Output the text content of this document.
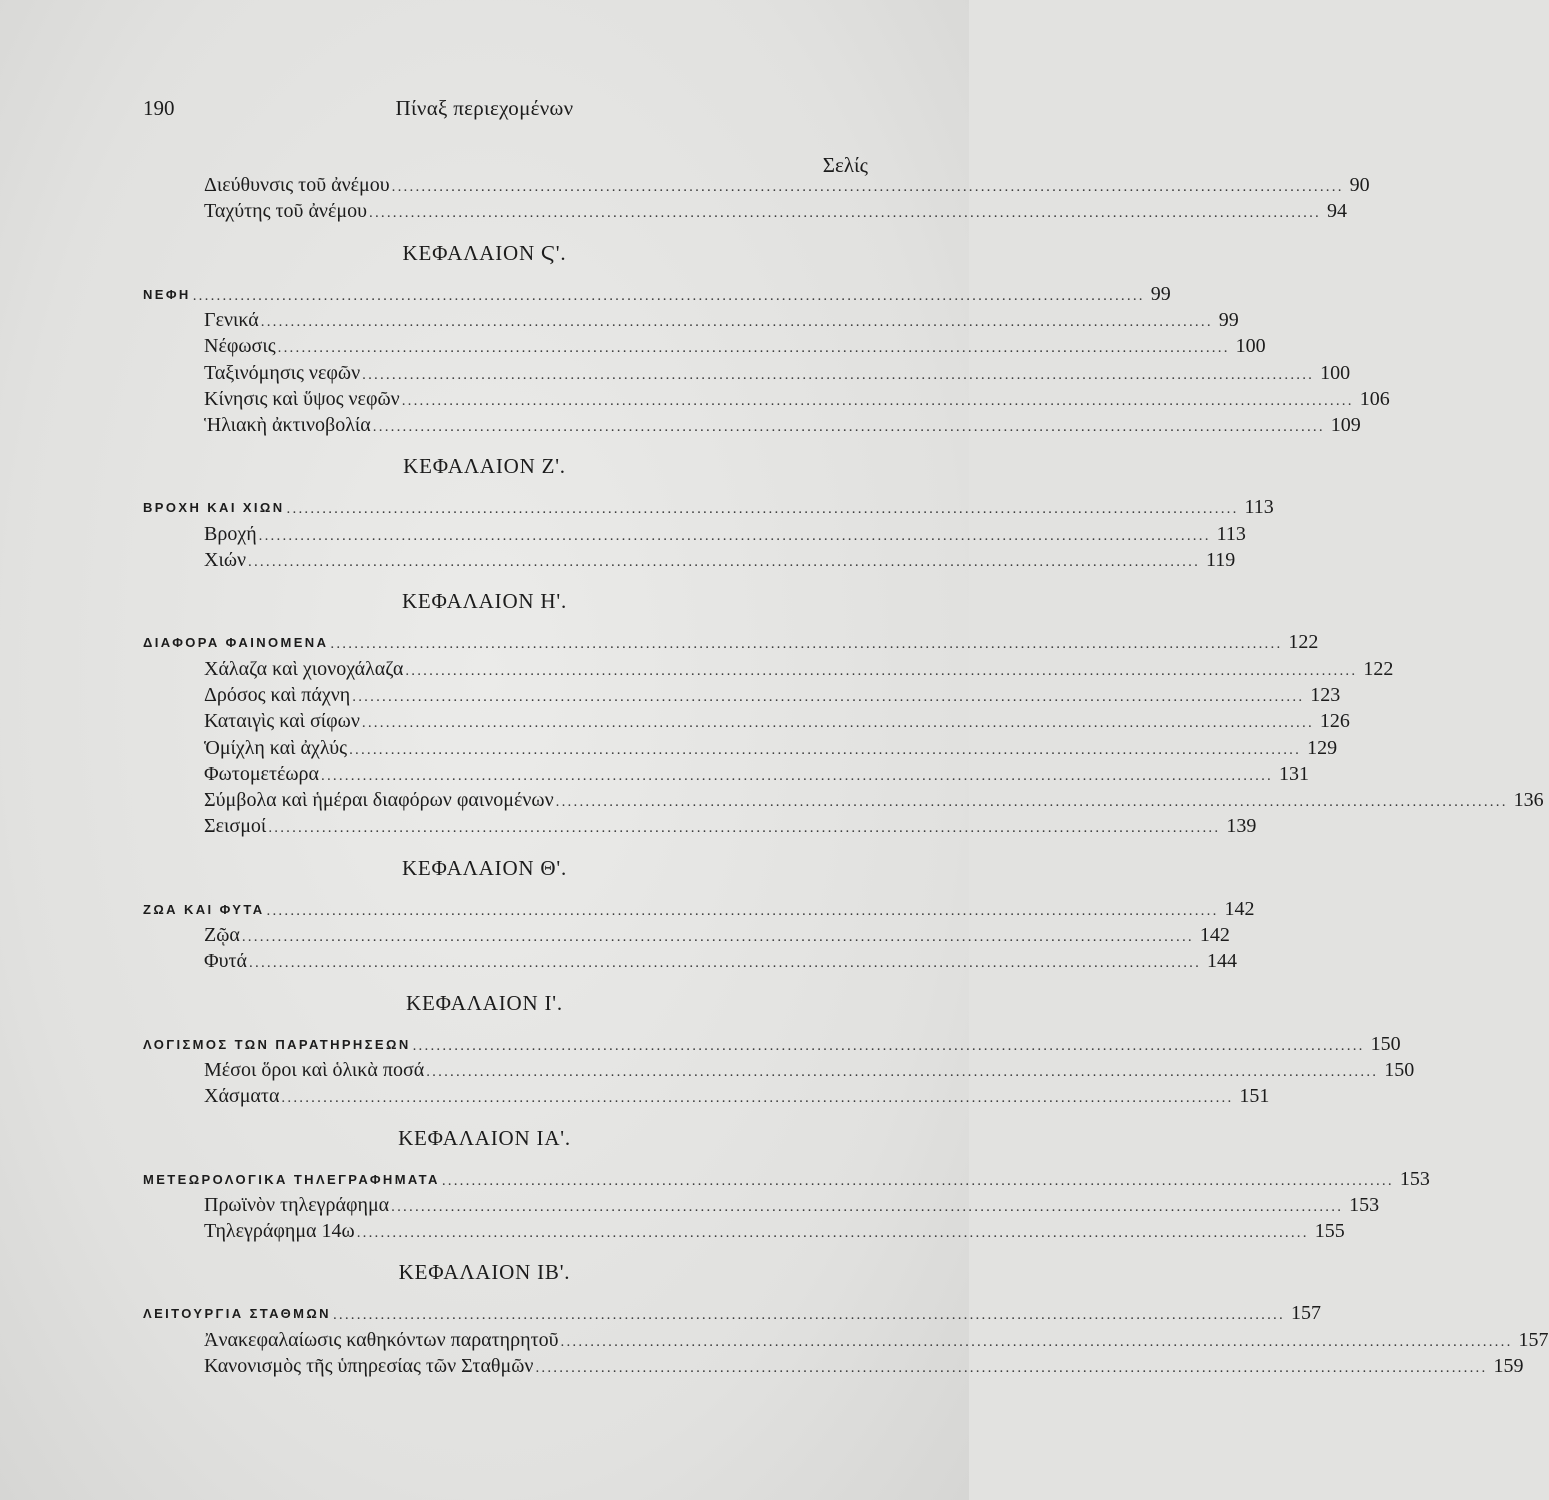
190	Πίναξ περιεχομένων
Σελίς
Διεύθυνσις τοῦ ἀνέμου ................................................................................................................................................................ 90
Ταχύτης τοῦ ἀνέμου ................................................................................................................................................................ 94
ΚΕΦΑΛΑΙΟΝ Ϛ'.
ΝΕΦΗ ................................................................................................................................................................ 99
Γενικά ................................................................................................................................................................ 99
Νέφωσις ................................................................................................................................................................ 100
Ταξινόμησις νεφῶν ................................................................................................................................................................ 100
Κίνησις καὶ ὕψος νεφῶν ................................................................................................................................................................ 106
Ἡλιακὴ ἀκτινοβολία ................................................................................................................................................................ 109
ΚΕΦΑΛΑΙΟΝ Ζ'.
ΒΡΟΧΗ ΚΑΙ ΧΙΩΝ ................................................................................................................................................................ 113
Βροχή ................................................................................................................................................................ 113
Χιών ................................................................................................................................................................ 119
ΚΕΦΑΛΑΙΟΝ Η'.
ΔΙΑΦΟΡΑ ΦΑΙΝΟΜΕΝΑ ................................................................................................................................................................ 122
Χάλαζα καὶ χιονοχάλαζα ................................................................................................................................................................ 122
Δρόσος καὶ πάχνη ................................................................................................................................................................ 123
Καταιγὶς καὶ σίφων ................................................................................................................................................................ 126
Ὁμίχλη καὶ ἀχλύς ................................................................................................................................................................ 129
Φωτομετέωρα ................................................................................................................................................................ 131
Σύμβολα καὶ ἡμέραι διαφόρων φαινομένων ................................................................................................................................................................ 136
Σεισμοί ................................................................................................................................................................ 139
ΚΕΦΑΛΑΙΟΝ Θ'.
ΖΩΑ ΚΑΙ ΦΥΤΑ ................................................................................................................................................................ 142
Ζῷα ................................................................................................................................................................ 142
Φυτά ................................................................................................................................................................ 144
ΚΕΦΑΛΑΙΟΝ Ι'.
ΛΟΓΙΣΜΟΣ ΤΩΝ ΠΑΡΑΤΗΡΗΣΕΩΝ ................................................................................................................................................................ 150
Μέσοι ὅροι καὶ ὁλικὰ ποσά ................................................................................................................................................................ 150
Χάσματα ................................................................................................................................................................ 151
ΚΕΦΑΛΑΙΟΝ ΙΑ'.
ΜΕΤΕΩΡΟΛΟΓΙΚΑ ΤΗΛΕΓΡΑΦΗΜΑΤΑ ................................................................................................................................................................ 153
Πρωϊνὸν τηλεγράφημα ................................................................................................................................................................ 153
Τηλεγράφημα 14ω ................................................................................................................................................................ 155
ΚΕΦΑΛΑΙΟΝ ΙΒ'.
ΛΕΙΤΟΥΡΓΙΑ ΣΤΑΘΜΩΝ ................................................................................................................................................................ 157
Ἀνακεφαλαίωσις καθηκόντων παρατηρητοῦ ................................................................................................................................................................ 157
Κανονισμὸς τῆς ὑπηρεσίας τῶν Σταθμῶν ................................................................................................................................................................ 159
